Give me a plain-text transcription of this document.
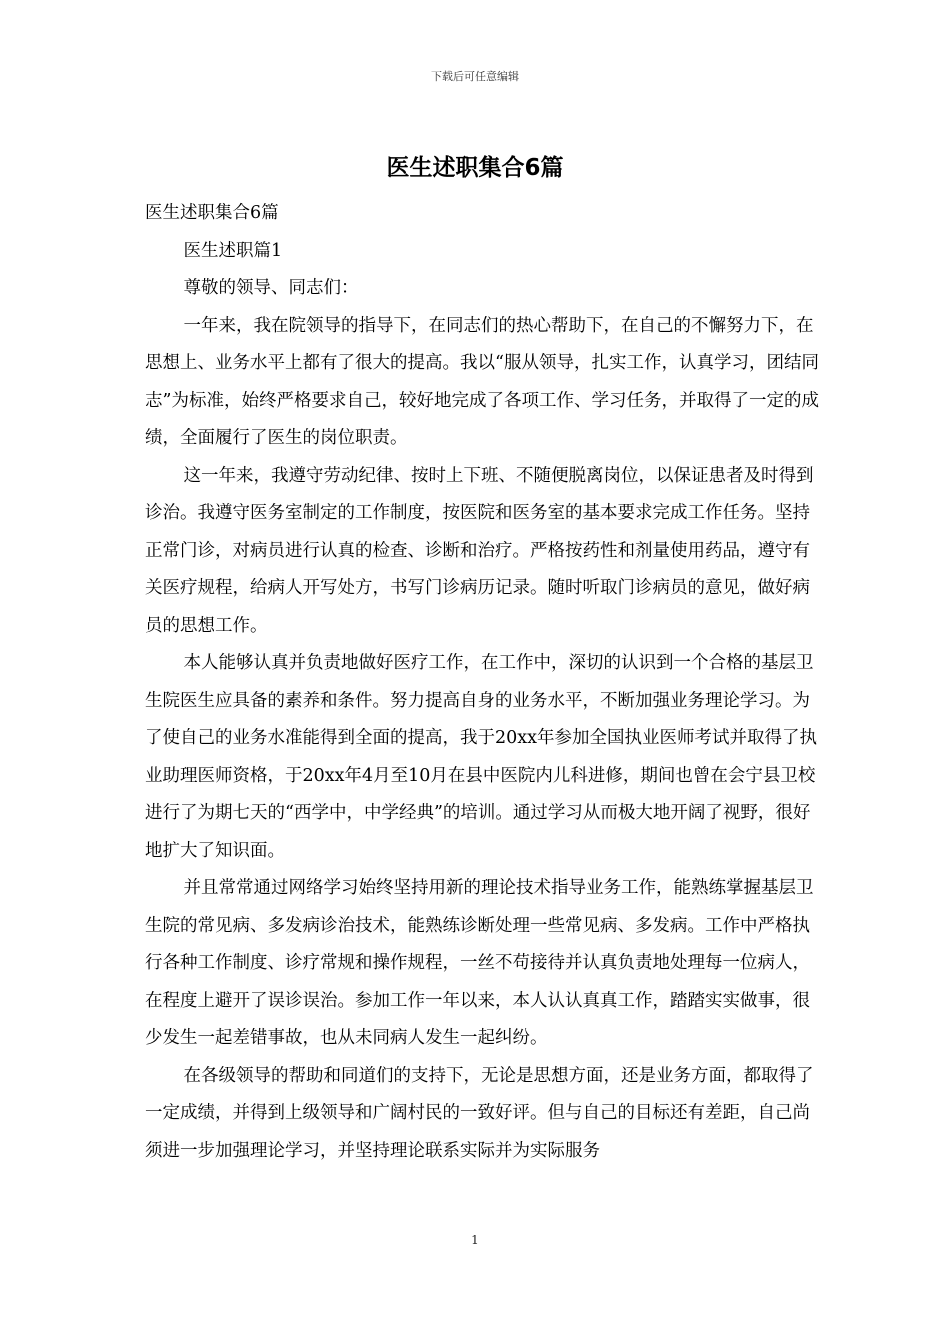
下载后可任意编辑
医生述职集合6篇

医生述职集合6篇

医生述职篇1

尊敬的领导、同志们：

一年来，我在院领导的指导下，在同志们的热心帮助下，在自己的不懈努力下，在思想上、业务水平上都有了很大的提高。我以“服从领导，扎实工作，认真学习，团结同志”为标准，始终严格要求自己，较好地完成了各项工作、学习任务，并取得了一定的成绩，全面履行了医生的岗位职责。

这一年来，我遵守劳动纪律、按时上下班、不随便脱离岗位，以保证患者及时得到诊治。我遵守医务室制定的工作制度，按医院和医务室的基本要求完成工作任务。坚持正常门诊，对病员进行认真的检查、诊断和治疗。严格按药性和剂量使用药品，遵守有关医疗规程，给病人开写处方，书写门诊病历记录。随时听取门诊病员的意见，做好病员的思想工作。

本人能够认真并负责地做好医疗工作，在工作中，深切的认识到一个合格的基层卫生院医生应具备的素养和条件。努力提高自身的业务水平，不断加强业务理论学习。为了使自己的业务水准能得到全面的提高，我于20xx年参加全国执业医师考试并取得了执业助理医师资格，于20xx年4月至10月在县中医院内儿科进修，期间也曾在会宁县卫校进行了为期七天的“西学中，中学经典”的培训。通过学习从而极大地开阔了视野，很好地扩大了知识面。

并且常常通过网络学习始终坚持用新的理论技术指导业务工作，能熟练掌握基层卫生院的常见病、多发病诊治技术，能熟练诊断处理一些常见病、多发病。工作中严格执行各种工作制度、诊疗常规和操作规程，一丝不苟接待并认真负责地处理每一位病人，在程度上避开了误诊误治。参加工作一年以来，本人认认真真工作，踏踏实实做事，很少发生一起差错事故，也从未同病人发生一起纠纷。

在各级领导的帮助和同道们的支持下，无论是思想方面，还是业务方面，都取得了一定成绩，并得到上级领导和广阔村民的一致好评。但与自己的目标还有差距，自己尚须进一步加强理论学习，并坚持理论联系实际并为实际服务

1
